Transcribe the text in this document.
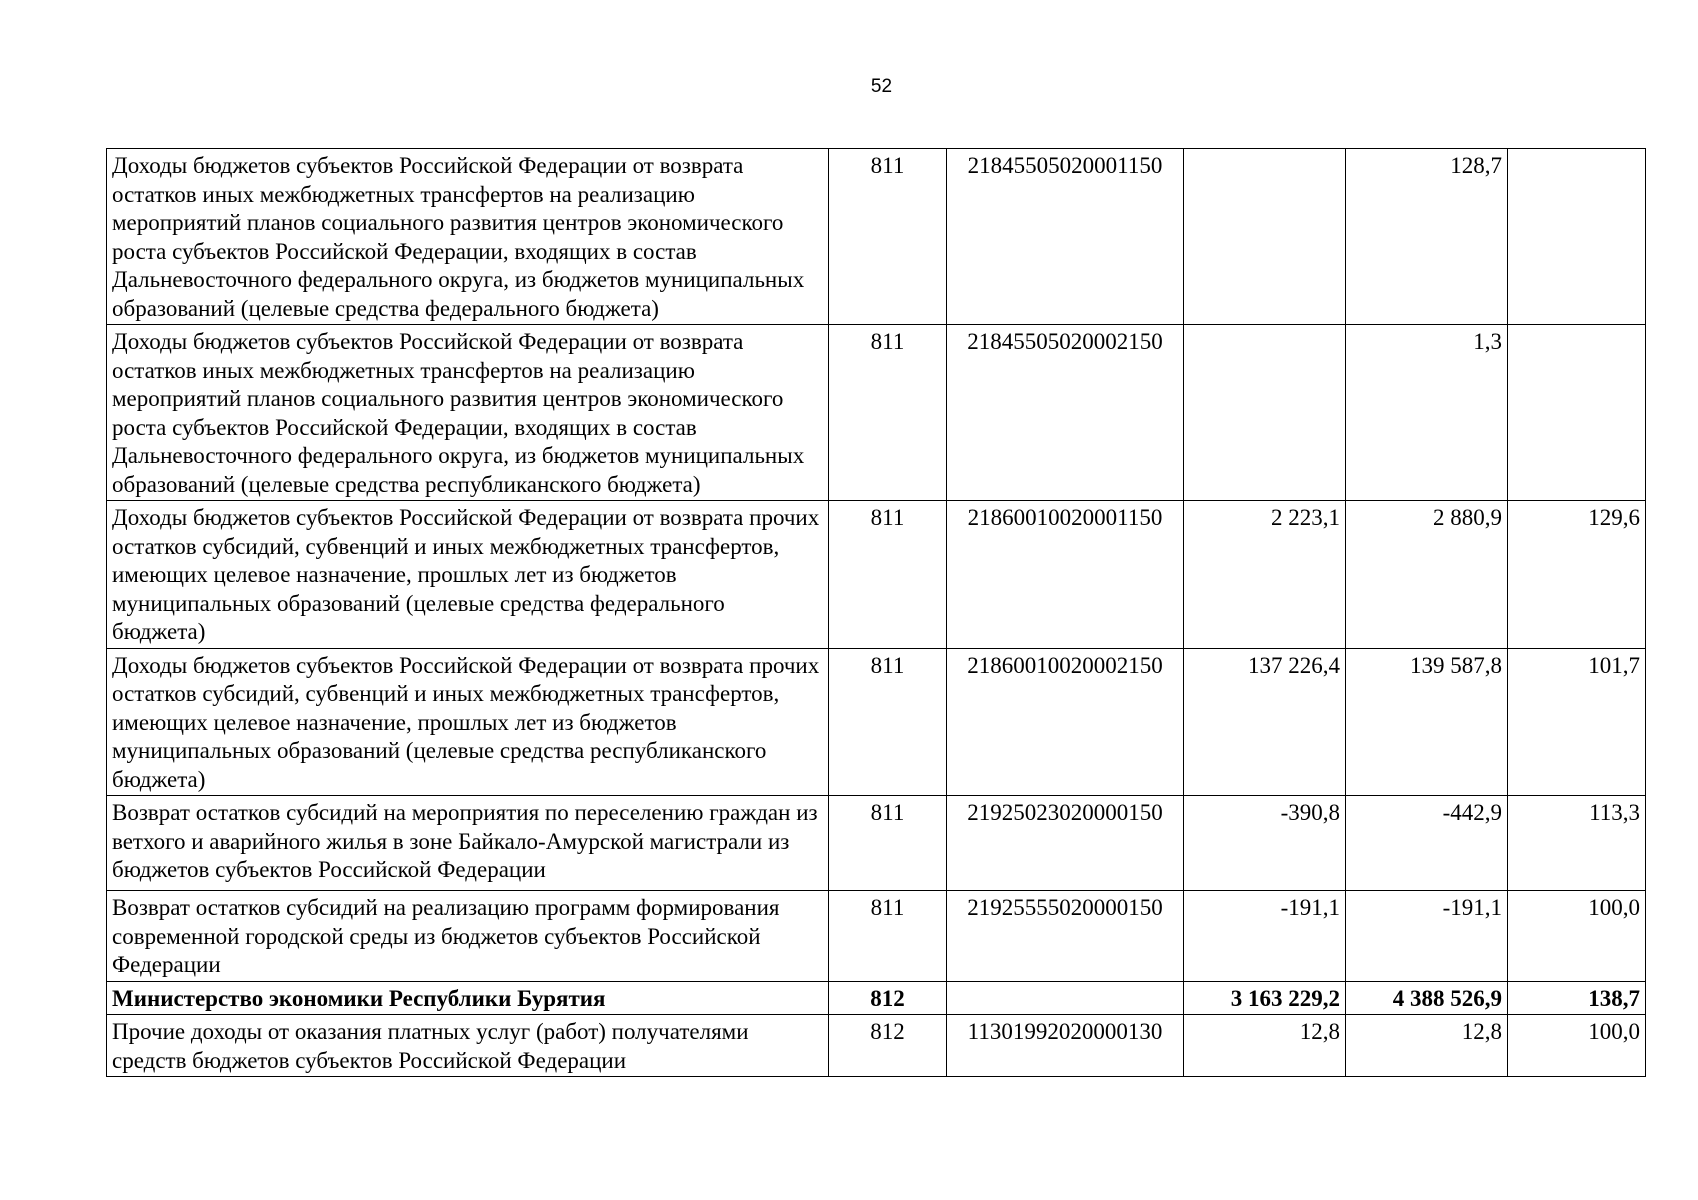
52
Доходы бюджетов субъектов Российской Федерации от возврата остатков иных межбюджетных трансфертов на реализацию мероприятий планов социального развития центров экономического роста субъектов Российской Федерации, входящих в состав Дальневосточного федерального округа, из бюджетов муниципальных образований (целевые средства федерального бюджета)	811	21845505020001150		128,7	
Доходы бюджетов субъектов Российской Федерации от возврата остатков иных межбюджетных трансфертов на реализацию мероприятий планов социального развития центров экономического роста субъектов Российской Федерации, входящих в состав Дальневосточного федерального округа, из бюджетов муниципальных образований (целевые средства республиканского бюджета)	811	21845505020002150		1,3	
Доходы бюджетов субъектов Российской Федерации от возврата прочих остатков субсидий, субвенций и иных межбюджетных трансфертов, имеющих целевое назначение, прошлых лет из бюджетов муниципальных образований (целевые средства федерального бюджета)	811	21860010020001150	2 223,1	2 880,9	129,6
Доходы бюджетов субъектов Российской Федерации от возврата прочих остатков субсидий, субвенций и иных межбюджетных трансфертов, имеющих целевое назначение, прошлых лет из бюджетов муниципальных образований (целевые средства республиканского бюджета)	811	21860010020002150	137 226,4	139 587,8	101,7
Возврат остатков субсидий на мероприятия по переселению граждан из ветхого и аварийного жилья в зоне Байкало-Амурской магистрали из бюджетов субъектов Российской Федерации	811	21925023020000150	-390,8	-442,9	113,3
Возврат остатков субсидий на реализацию программ формирования современной городской среды из бюджетов субъектов Российской Федерации	811	21925555020000150	-191,1	-191,1	100,0
Министерство экономики Республики Бурятия	812		3 163 229,2	4 388 526,9	138,7
Прочие доходы от оказания платных услуг (работ) получателями средств бюджетов субъектов Российской Федерации	812	11301992020000130	12,8	12,8	100,0
